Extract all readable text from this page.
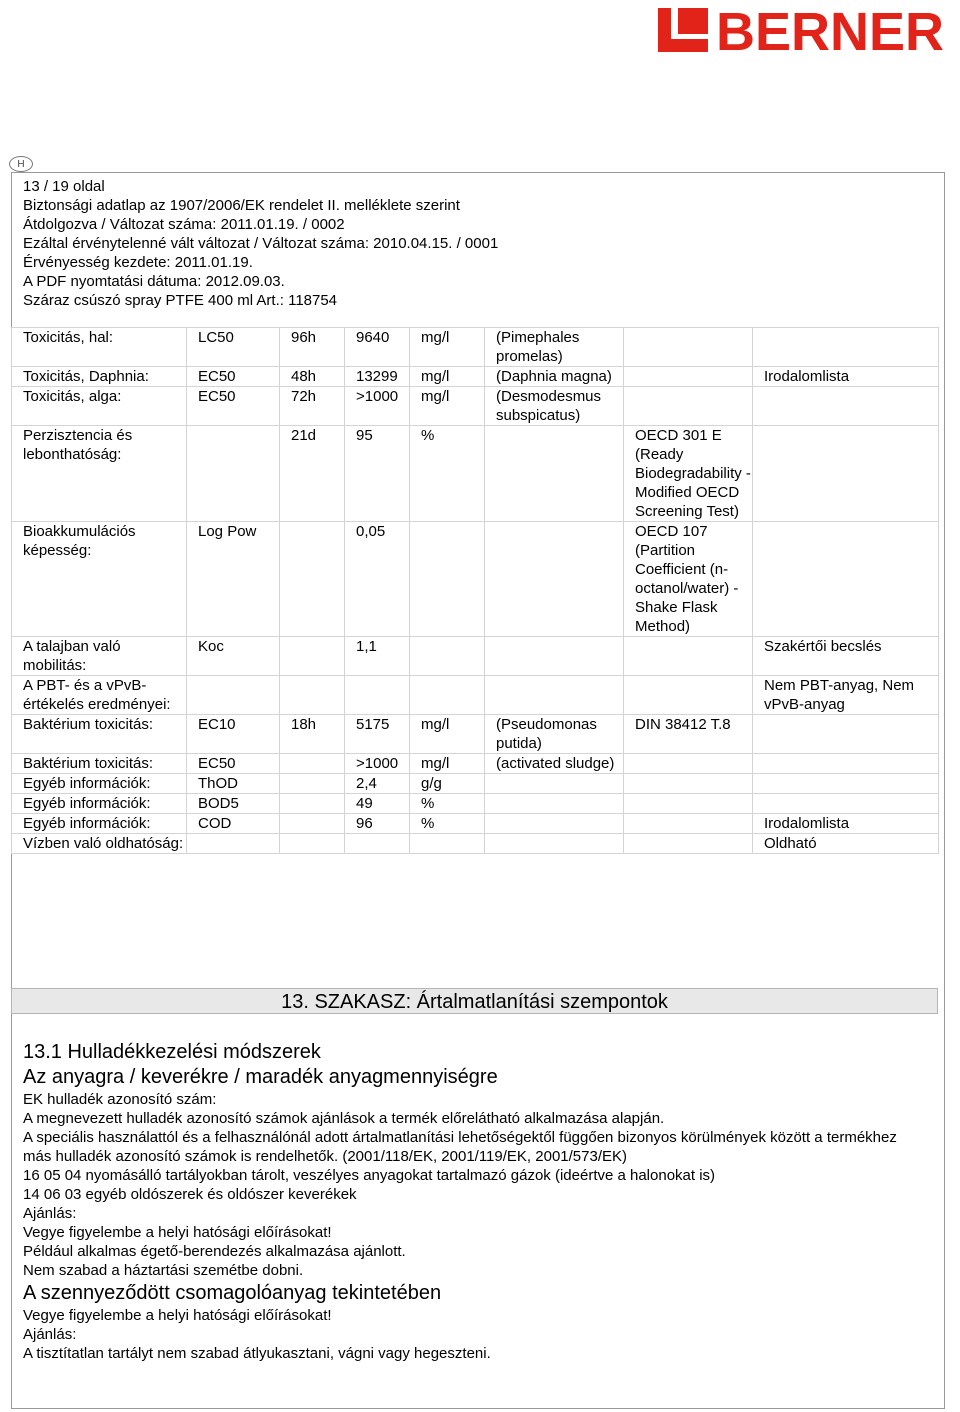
BERNER
H
13 / 19 oldal
Biztonsági adatlap az 1907/2006/EK rendelet II. melléklete szerint
Átdolgozva / Változat száma: 2011.01.19. / 0002
Ezáltal érvénytelenné vált változat / Változat száma: 2010.04.15. / 0001
Érvényesség kezdete: 2011.01.19.
A PDF nyomtatási dátuma: 2012.09.03.
Száraz csúszó spray PTFE 400 ml Art.: 118754
Toxicitás, hal:	LC50	96h	9640	mg/l	(Pimephales promelas)		
Toxicitás, Daphnia:	EC50	48h	13299	mg/l	(Daphnia magna)		Irodalomlista
Toxicitás, alga:	EC50	72h	>1000	mg/l	(Desmodesmus subspicatus)		
Perzisztencia és lebonthatóság:		21d	95	%		OECD 301 E (Ready Biodegradability - Modified OECD Screening Test)	
Bioakkumulációs képesség:	Log Pow		0,05			OECD 107 (Partition Coefficient (n-octanol/water) - Shake Flask Method)	
A talajban való mobilitás:	Koc		1,1				Szakértői becslés
A PBT- és a vPvB-értékelés eredményei:							Nem PBT-anyag, Nem vPvB-anyag
Baktérium toxicitás:	EC10	18h	5175	mg/l	(Pseudomonas putida)	DIN 38412 T.8	
Baktérium toxicitás:	EC50		>1000	mg/l	(activated sludge)		
Egyéb információk:	ThOD		2,4	g/g			
Egyéb információk:	BOD5		49	%			
Egyéb információk:	COD		96	%			Irodalomlista
Vízben való oldhatóság:							Oldható
13. SZAKASZ: Ártalmatlanítási szempontok
13.1 Hulladékkezelési módszerek
Az anyagra / keverékre / maradék anyagmennyiségre
EK hulladék azonosító szám:
A megnevezett hulladék azonosító számok ajánlások a termék előrelátható alkalmazása alapján.
A speciális használattól és a felhasználónál adott ártalmatlanítási lehetőségektől függően bizonyos körülmények között a termékhez
más hulladék azonosító számok is rendelhetők. (2001/118/EK, 2001/119/EK, 2001/573/EK)
16 05 04 nyomásálló tartályokban tárolt, veszélyes anyagokat tartalmazó gázok (ideértve a halonokat is)
14 06 03 egyéb oldószerek és oldószer keverékek
Ajánlás:
Vegye figyelembe a helyi hatósági előírásokat!
Például alkalmas égető-berendezés alkalmazása ajánlott.
Nem szabad a háztartási szemétbe dobni.
A szennyeződött csomagolóanyag tekintetében
Vegye figyelembe a helyi hatósági előírásokat!
Ajánlás:
A tisztítatlan tartályt nem szabad átlyukasztani, vágni vagy hegeszteni.
